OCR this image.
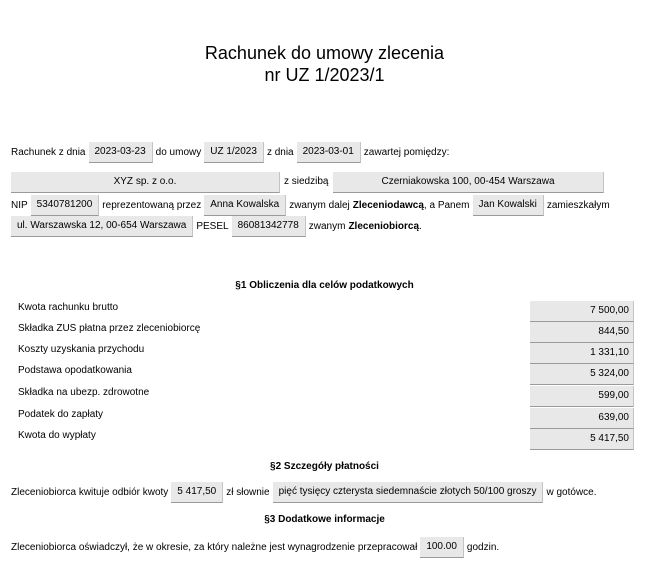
Rachunek do umowy zlecenia
nr UZ 1/2023/1
Rachunek z dnia 2023-03-23	do umowy UZ 1/2023	z dnia 2023-03-01	zawartej pomiędzy:
XYZ sp. z o.o.	z siedzibą	Czerniakowska 100, 00-454 Warszawa
NIP 5340781200	reprezentowaną przez Anna Kowalska	zwanym dalej Zleceniodawcą , a Panem Jan Kowalski	zamieszkałym
ul. Warszawska 12, 00-654 Warszawa	PESEL 86081342778	zwanym Zleceniobiorcą .
§1 Obliczenia dla celów podatkowych
Kwota rachunku brutto	7 500,00
Składka ZUS płatna przez zleceniobiorcę	844,50
Koszty uzyskania przychodu	1 331,10
Podstawa opodatkowania	5 324,00
Składka na ubezp. zdrowotne	599,00
Podatek do zapłaty	639,00
Kwota do wypłaty	5 417,50
§2 Szczegóły płatności
Zleceniobiorca kwituje odbiór kwoty 5 417,50	zł słownie pięć tysięcy czterysta siedemnaście złotych 50/100 groszy	w gotówce.
§3 Dodatkowe informacje
Zleceniobiorca oświadczył, że w okresie, za który należne jest wynagrodzenie przepracował 100.00	godzin.
